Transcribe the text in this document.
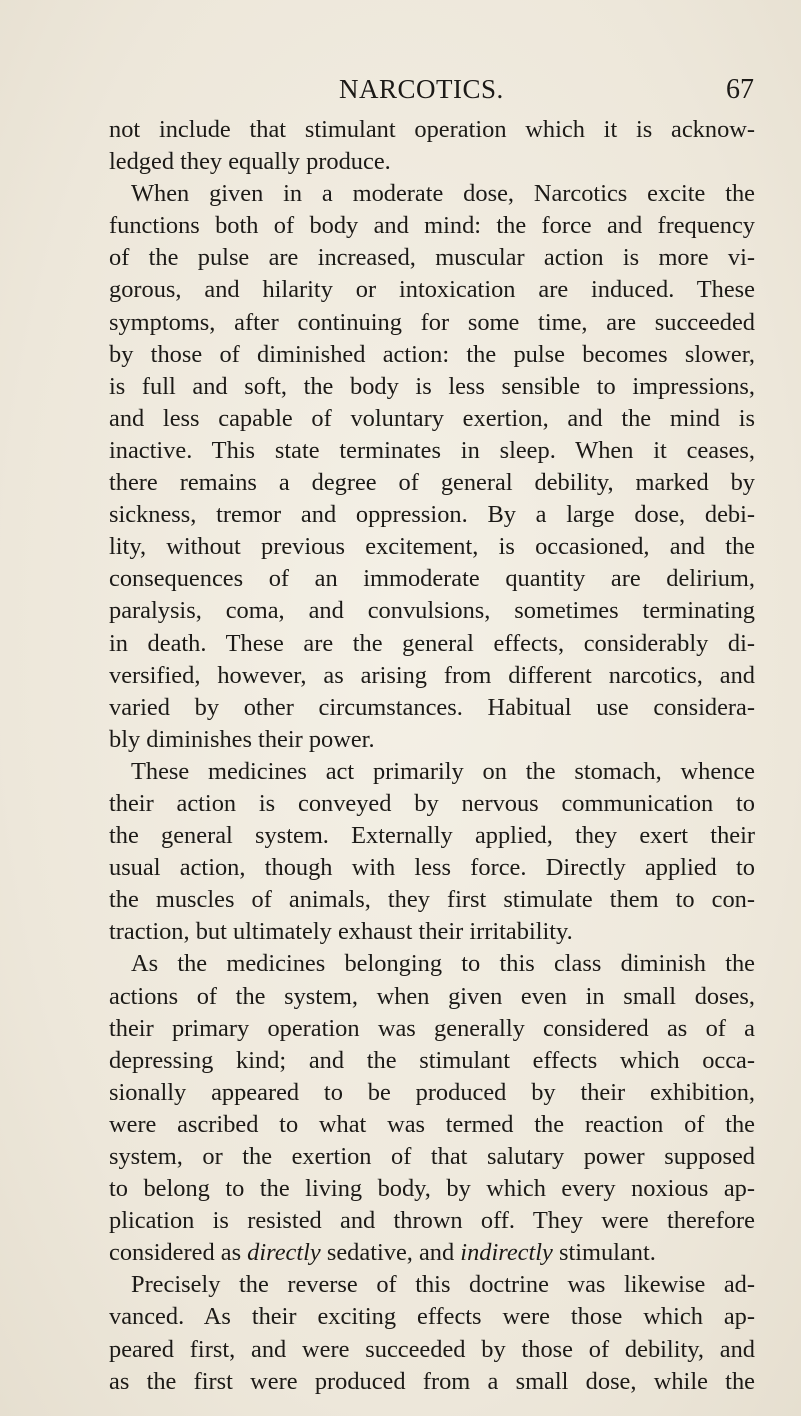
NARCOTICS.	67
not include that stimulant operation which it is acknow-
ledged they equally produce.
When given in a moderate dose, Narcotics excite the
functions both of body and mind: the force and frequency
of the pulse are increased, muscular action is more vi-
gorous, and hilarity or intoxication are induced. These
symptoms, after continuing for some time, are succeeded
by those of diminished action: the pulse becomes slower,
is full and soft, the body is less sensible to impressions,
and less capable of voluntary exertion, and the mind is
inactive. This state terminates in sleep. When it ceases,
there remains a degree of general debility, marked by
sickness, tremor and oppression. By a large dose, debi-
lity, without previous excitement, is occasioned, and the
consequences of an immoderate quantity are delirium,
paralysis, coma, and convulsions, sometimes terminating
in death. These are the general effects, considerably di-
versified, however, as arising from different narcotics, and
varied by other circumstances. Habitual use considera-
bly diminishes their power.
These medicines act primarily on the stomach, whence
their action is conveyed by nervous communication to
the general system. Externally applied, they exert their
usual action, though with less force. Directly applied to
the muscles of animals, they first stimulate them to con-
traction, but ultimately exhaust their irritability.
As the medicines belonging to this class diminish the
actions of the system, when given even in small doses,
their primary operation was generally considered as of a
depressing kind; and the stimulant effects which occa-
sionally appeared to be produced by their exhibition,
were ascribed to what was termed the reaction of the
system, or the exertion of that salutary power supposed
to belong to the living body, by which every noxious ap-
plication is resisted and thrown off. They were therefore
considered as directly sedative, and indirectly stimulant.
Precisely the reverse of this doctrine was likewise ad-
vanced. As their exciting effects were those which ap-
peared first, and were succeeded by those of debility, and
as the first were produced from a small dose, while the
